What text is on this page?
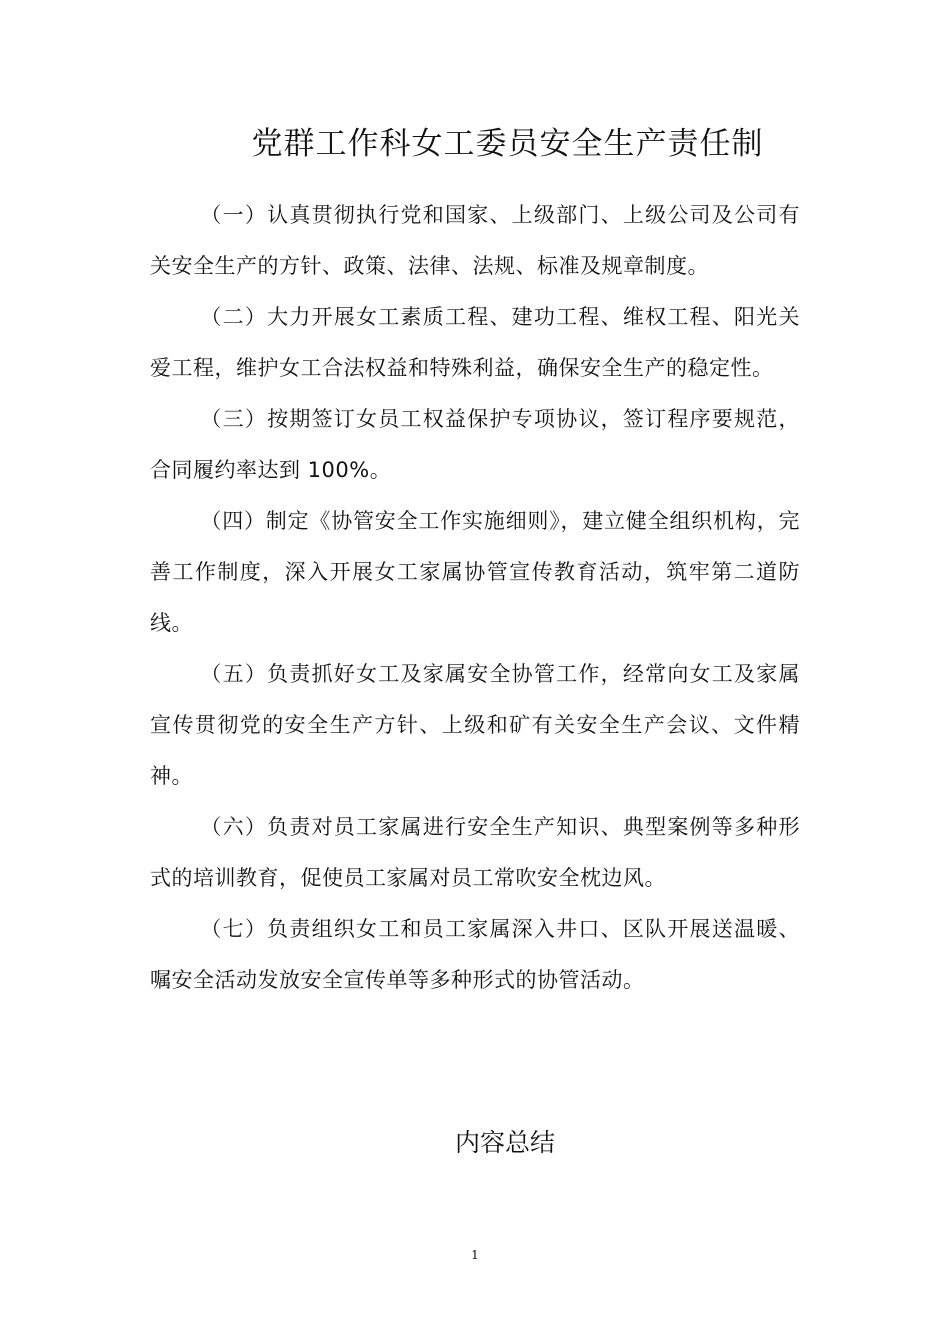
党群工作科女工委员安全生产责任制

（一）认真贯彻执行党和国家、上级部门、上级公司及公司有关安全生产的方针、政策、法律、法规、标准及规章制度。

（二）大力开展女工素质工程、建功工程、维权工程、阳光关爱工程，维护女工合法权益和特殊利益，确保安全生产的稳定性。

（三）按期签订女员工权益保护专项协议，签订程序要规范，合同履约率达到 100%。

（四）制定《协管安全工作实施细则》，建立健全组织机构，完善工作制度，深入开展女工家属协管宣传教育活动，筑牢第二道防线。

（五）负责抓好女工及家属安全协管工作，经常向女工及家属宣传贯彻党的安全生产方针、上级和矿有关安全生产会议、文件精神。

（六）负责对员工家属进行安全生产知识、典型案例等多种形式的培训教育，促使员工家属对员工常吹安全枕边风。

（七）负责组织女工和员工家属深入井口、区队开展送温暖、嘱安全活动发放安全宣传单等多种形式的协管活动。

内容总结
1
